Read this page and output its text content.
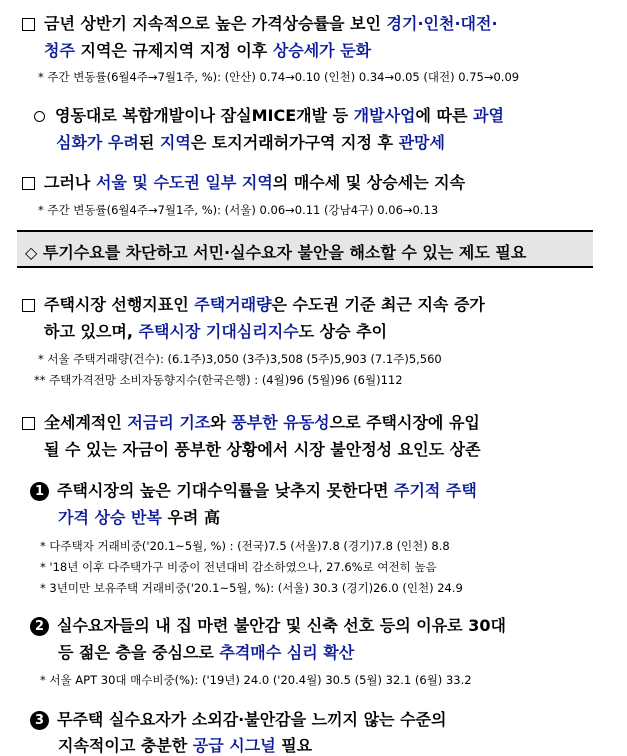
금년 상반기 지속적으로 높은 가격상승률을 보인 경기·인천·대전·
청주 지역은 규제지역 지정 이후 상승세가 둔화
* 주간 변동률(6월4주→7월1주, %): (안산) 0.74→0.10 (인천) 0.34→0.05 (대전) 0.75→0.09
영동대로 복합개발이나 잠실MICE개발 등 개발사업에 따른 과열
심화가 우려된 지역은 토지거래허가구역 지정 후 관망세
그러나 서울 및 수도권 일부 지역의 매수세 및 상승세는 지속
* 주간 변동률(6월4주→7월1주, %): (서울) 0.06→0.11 (강남4구) 0.06→0.13
◇ 투기수요를 차단하고 서민·실수요자 불안을 해소할 수 있는 제도 필요
주택시장 선행지표인 주택거래량은 수도권 기준 최근 지속 증가
하고 있으며, 주택시장 기대심리지수도 상승 추이
* 서울 주택거래량(건수): (6.1주)3,050 (3주)3,508 (5주)5,903 (7.1주)5,560
** 주택가격전망 소비자동향지수(한국은행) : (4월)96 (5월)96 (6월)112
全세계적인 저금리 기조와 풍부한 유동성으로 주택시장에 유입
될 수 있는 자금이 풍부한 상황에서 시장 불안정성 요인도 상존
1 주택시장의 높은 기대수익률을 낮추지 못한다면 주기적 주택
가격 상승 반복 우려 高
* 다주택자 거래비중('20.1~5월, %) : (전국)7.5 (서울)7.8 (경기)7.8 (인천) 8.8
* '18년 이후 다주택가구 비중이 전년대비 감소하였으나, 27.6%로 여전히 높음
* 3년미만 보유주택 거래비중('20.1~5월, %): (서울) 30.3 (경기)26.0 (인천) 24.9
2 실수요자들의 내 집 마련 불안감 및 신축 선호 등의 이유로 30대
등 젊은 층을 중심으로 추격매수 심리 확산
* 서울 APT 30대 매수비중(%): ('19년) 24.0 ('20.4월) 30.5 (5월) 32.1 (6월) 33.2
3 무주택 실수요자가 소외감·불안감을 느끼지 않는 수준의
지속적이고 충분한 공급 시그널 필요
